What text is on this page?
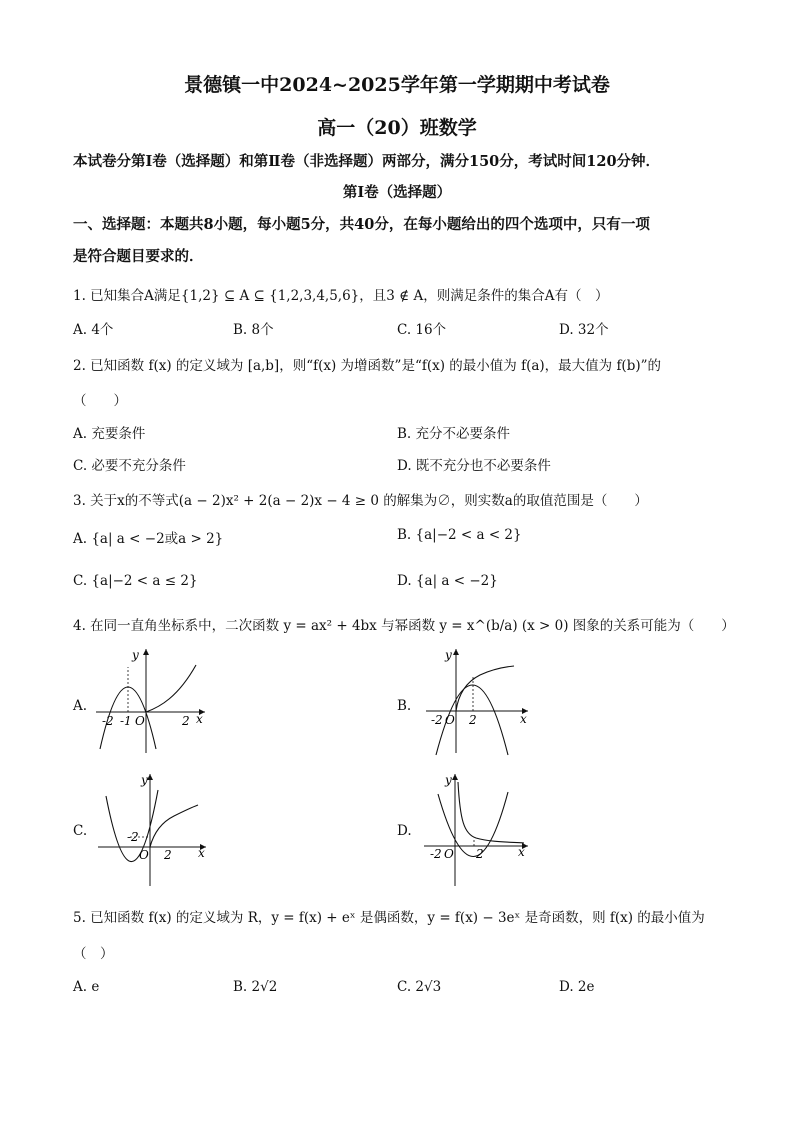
景德镇一中2024~2025学年第一学期期中考试卷
高一（20）班数学
本试卷分第Ⅰ卷（选择题）和第Ⅱ卷（非选择题）两部分，满分150分，考试时间120分钟．
第Ⅰ卷（选择题）
一、选择题：本题共8小题，每小题5分，共40分，在每小题给出的四个选项中，只有一项
是符合题目要求的．
1. 已知集合A满足{1,2} ⊆ A ⊆ {1,2,3,4,5,6}，且3 ∉ A，则满足条件的集合A有（　）
A. 4个	B. 8个	C. 16个	D. 32个
2. 已知函数 f(x) 的定义域为 [a,b]，则“f(x) 为增函数”是“f(x) 的最小值为 f(a)，最大值为 f(b)”的
（　　）
A. 充要条件	B. 充分不必要条件
C. 必要不充分条件	D. 既不充分也不必要条件
3. 关于x的不等式(a − 2)x² + 2(a − 2)x − 4 ≥ 0 的解集为∅，则实数a的取值范围是（　　）
A. {a| a < −2或a > 2}	B. {a|−2 < a < 2}
C. {a|−2 < a ≤ 2}	D. {a| a < −2}
4. 在同一直角坐标系中，二次函数 y = ax² + 4bx 与幂函数 y = x^(b/a) (x > 0) 图象的关系可能为（　　）
A.	B.
C.	D.
y
-2 -1 O	2 x
y
-2 O 2	x
y
-2
O 2 x
y
-2 O 2	x
5. 已知函数 f(x) 的定义域为 R，y = f(x) + eˣ 是偶函数，y = f(x) − 3eˣ 是奇函数，则 f(x) 的最小值为
（　）
A. e	B. 2√2	C. 2√3	D. 2e
